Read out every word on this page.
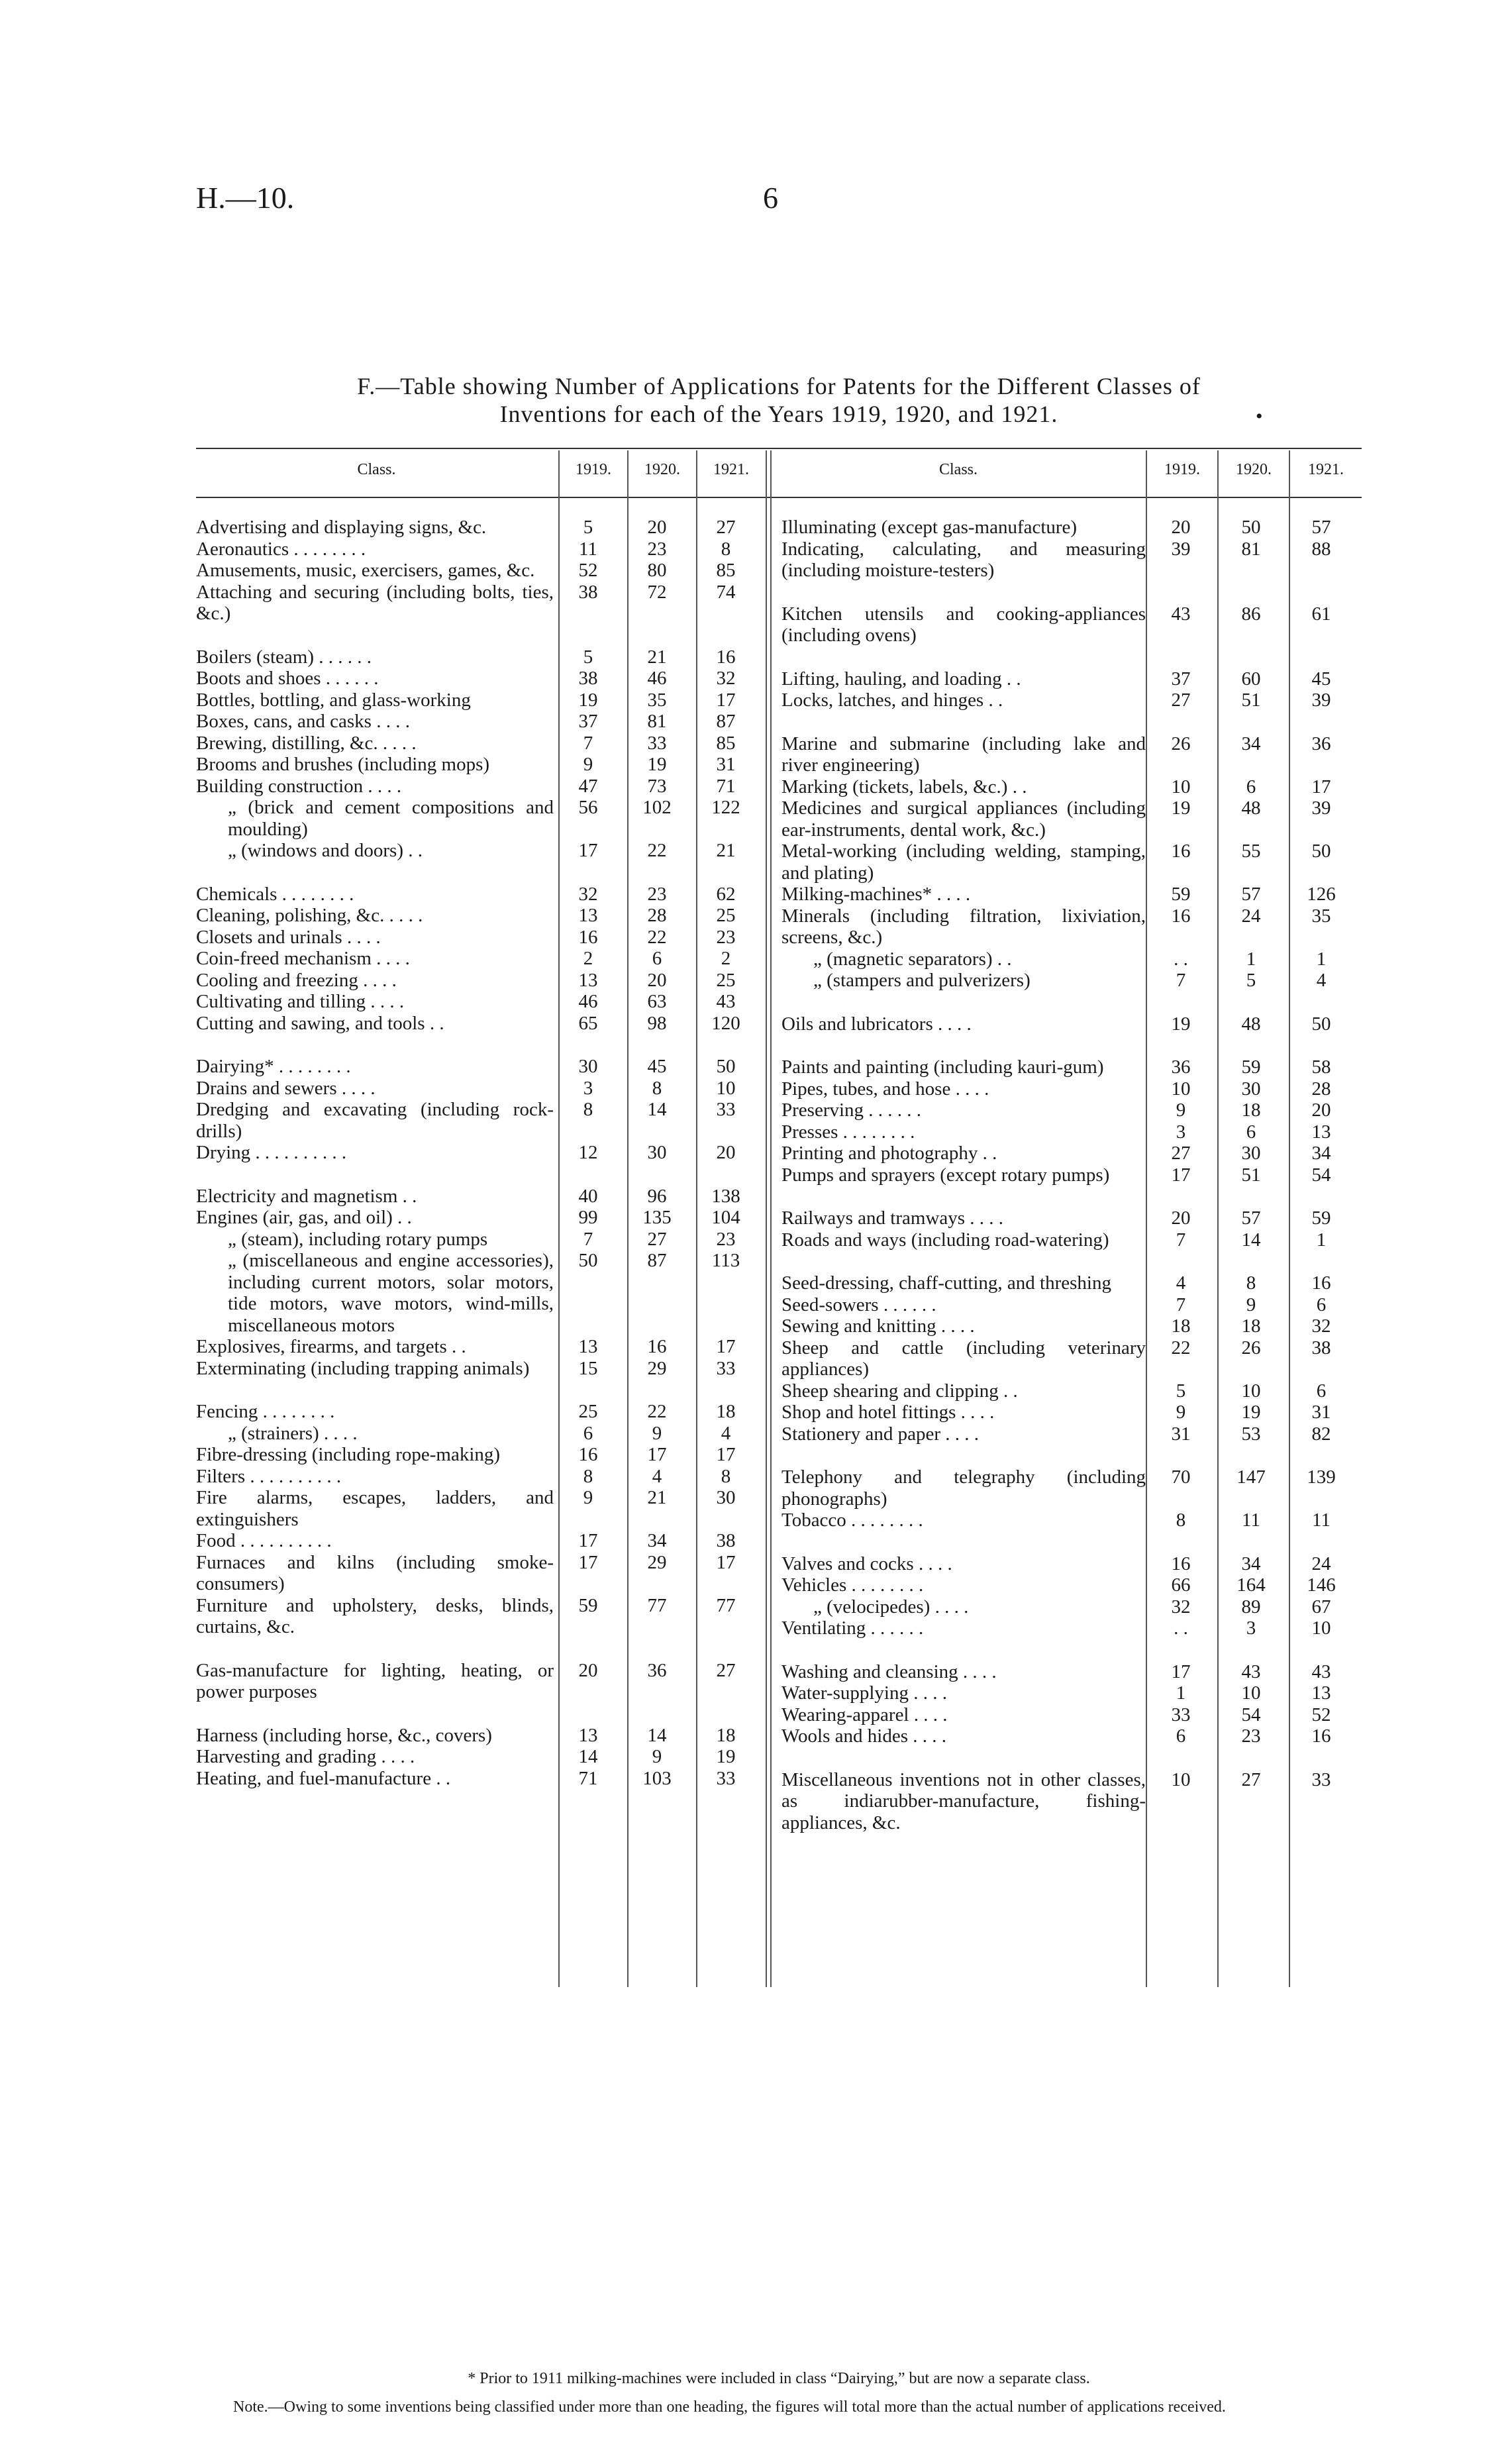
H.—10.	6
F.—Table showing Number of Applications for Patents for the Different Classes of
Inventions for each of the Years 1919, 1920, and 1921.	•
Class.	1919.	1920.	1921.	Class.	1919.	1920.	1921.
Advertising and displaying signs, &c.	5	20	27
Aeronautics . . . . . . . .	11	23	8
Amusements, music, exercisers, games, &c.	52	80	85
Attaching and securing (including bolts, ties, &c.)
38	72	74
Boilers (steam) . . . . . .	5	21	16
Boots and shoes . . . . . .	38	46	32
Bottles, bottling, and glass-working	19	35	17
Boxes, cans, and casks . . . .	37	81	87
Brewing, distilling, &c. . . . .	7	33	85
Brooms and brushes (including mops)	9	19	31
Building construction . . . .	47	73	71
„ (brick and cement compositions and moulding)
56	102	122
„ (windows and doors) . .	17	22	21
Chemicals . . . . . . . .	32	23	62
Cleaning, polishing, &c. . . . .	13	28	25
Closets and urinals . . . .	16	22	23
Coin-freed mechanism . . . .	2	6	2
Cooling and freezing . . . .	13	20	25
Cultivating and tilling . . . .	46	63	43
Cutting and sawing, and tools . .	65	98	120
Dairying* . . . . . . . .	30	45	50
Drains and sewers . . . .	3	8	10
Dredging and excavating (including rock-drills)
8	14	33
Drying . . . . . . . . . .	12	30	20
Electricity and magnetism . .	40	96	138
Engines (air, gas, and oil) . .	99	135	104
„ (steam), including rotary pumps	7	27	23
„ (miscellaneous and engine accessories), including current motors, solar motors, tide motors, wave motors, wind-mills, miscellaneous motors
50	87	113
Explosives, firearms, and targets . .	13	16	17
Exterminating (including trapping animals)	15	29	33
Fencing . . . . . . . .	25	22	18
„ (strainers) . . . .	6	9	4
Fibre-dressing (including rope-making)	16	17	17
Filters . . . . . . . . . .	8	4	8
Fire alarms, escapes, ladders, and extinguishers
9	21	30
Food . . . . . . . . . .	17	34	38
Furnaces and kilns (including smoke-consumers)
17	29	17
Furniture and upholstery, desks, blinds, curtains, &c.
59	77	77
Gas-manufacture for lighting, heating, or power purposes
20	36	27
Harness (including horse, &c., covers)	13	14	18
Harvesting and grading . . . .	14	9	19
Heating, and fuel-manufacture . .	71	103	33
Illuminating (except gas-manufacture)	20	50	57
Indicating, calculating, and measuring (including moisture-testers)
39	81	88
Kitchen utensils and cooking-appliances (including ovens)
43	86	61
Lifting, hauling, and loading . .	37	60	45
Locks, latches, and hinges . .	27	51	39
Marine and submarine (including lake and river engineering)
26	34	36
Marking (tickets, labels, &c.) . .	10	6	17
Medicines and surgical appliances (including ear-instruments, dental work, &c.)
19	48	39
Metal-working (including welding, stamping, and plating)
16	55	50
Milking-machines* . . . .	59	57	126
Minerals (including filtration, lixiviation, screens, &c.)
16	24	35
„ (magnetic separators) . .	. .	1	1
„ (stampers and pulverizers)	7	5	4
Oils and lubricators . . . .	19	48	50
Paints and painting (including kauri-gum)	36	59	58
Pipes, tubes, and hose . . . .	10	30	28
Preserving . . . . . .	9	18	20
Presses . . . . . . . .	3	6	13
Printing and photography . .	27	30	34
Pumps and sprayers (except rotary pumps)	17	51	54
Railways and tramways . . . .	20	57	59
Roads and ways (including road-watering)	7	14	1
Seed-dressing, chaff-cutting, and threshing	4	8	16
Seed-sowers . . . . . .	7	9	6
Sewing and knitting . . . .	18	18	32
Sheep and cattle (including veterinary appliances)
22	26	38
Sheep shearing and clipping . .	5	10	6
Shop and hotel fittings . . . .	9	19	31
Stationery and paper . . . .	31	53	82
Telephony and telegraphy (including phonographs)
70	147	139
Tobacco . . . . . . . .	8	11	11
Valves and cocks . . . .	16	34	24
Vehicles . . . . . . . .	66	164	146
„ (velocipedes) . . . .	32	89	67
Ventilating . . . . . .	. .	3	10
Washing and cleansing . . . .	17	43	43
Water-supplying . . . .	1	10	13
Wearing-apparel . . . .	33	54	52
Wools and hides . . . .	6	23	16
Miscellaneous inventions not in other classes, as indiarubber-manufacture, fishing-appliances, &c.
10	27	33
* Prior to 1911 milking-machines were included in class “Dairying,” but are now a separate class.
Note.—Owing to some inventions being classified under more than one heading, the figures will total more than the actual number of applications received.
